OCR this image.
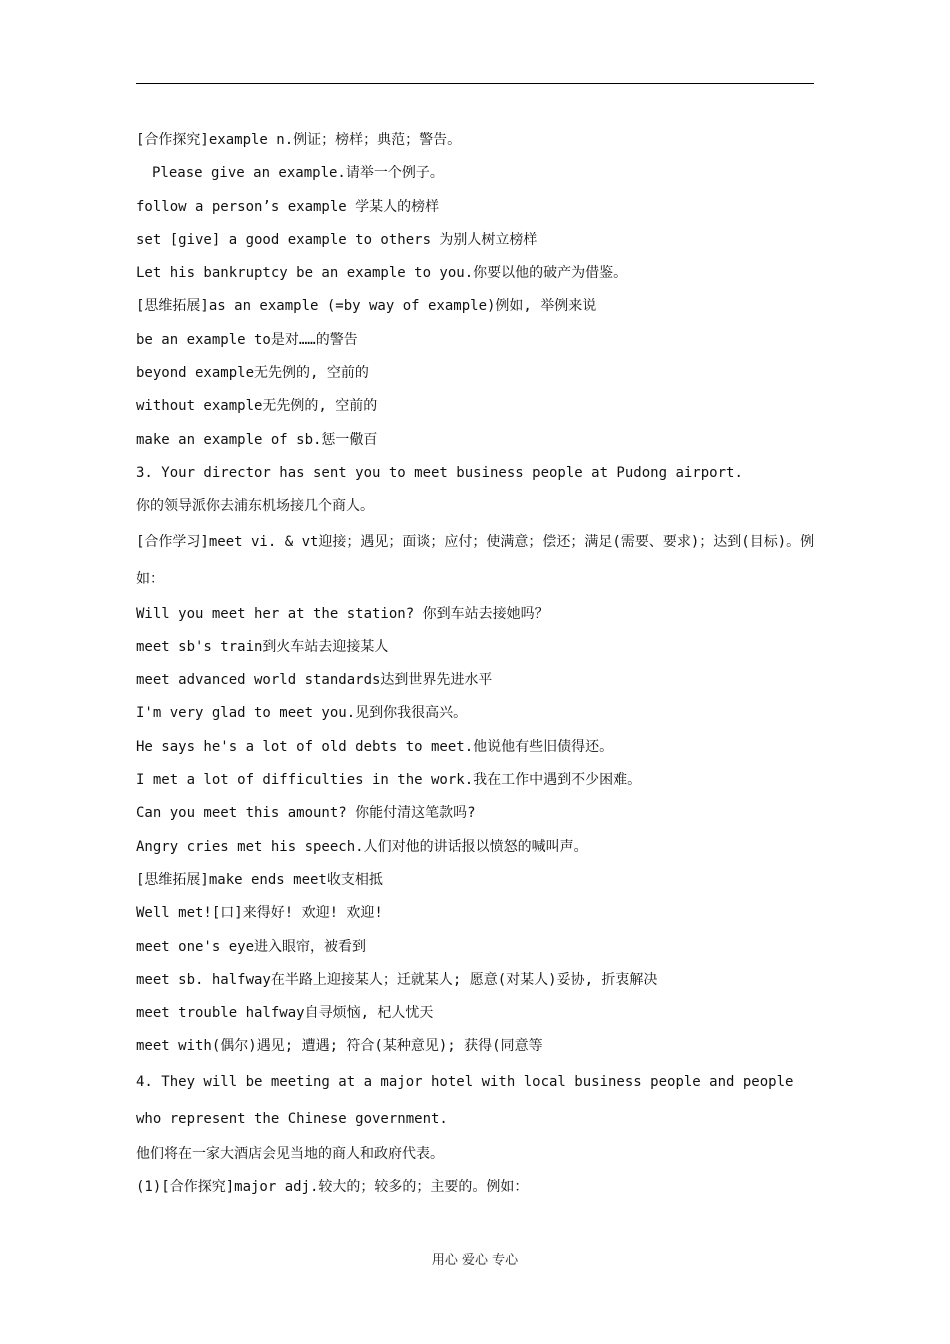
[合作探究]example n.例证；榜样；典范；警告。
Please give an example.请举一个例子。
follow a person’s example 学某人的榜样
set [give] a good example to others 为别人树立榜样
Let his bankruptcy be an example to you.你要以他的破产为借鉴。
[思维拓展]as an example (=by way of example)例如, 举例来说
be an example to是对……的警告
beyond example无先例的, 空前的
without example无先例的, 空前的
make an example of sb.惩一儆百
3. Your director has sent you to meet business people at Pudong airport.
你的领导派你去浦东机场接几个商人。
[合作学习]meet vi. & vt迎接；遇见；面谈；应付；使满意；偿还；满足(需要、要求)；达到(目标)。例如：
Will you meet her at the station? 你到车站去接她吗？
meet sb's train到火车站去迎接某人
meet advanced world standards达到世界先进水平
I'm very glad to meet you.见到你我很高兴。
He says he's a lot of old debts to meet.他说他有些旧债得还。
I met a lot of difficulties in the work.我在工作中遇到不少困难。
Can you meet this amount? 你能付清这笔款吗?
Angry cries met his speech.人们对他的讲话报以愤怒的喊叫声。
[思维拓展]make ends meet收支相抵
Well met![口]来得好! 欢迎! 欢迎!
meet one's eye进入眼帘，被看到
meet sb. halfway在半路上迎接某人；迁就某人; 愿意(对某人)妥协, 折衷解决
meet trouble halfway自寻烦恼, 杞人忧天
meet with(偶尔)遇见; 遭遇; 符合(某种意见); 获得(同意等
4. They will be meeting at a major hotel with local business people and people who represent the Chinese government.
他们将在一家大酒店会见当地的商人和政府代表。
(1)[合作探究]major adj.较大的；较多的；主要的。例如：
用心 爱心 专心
